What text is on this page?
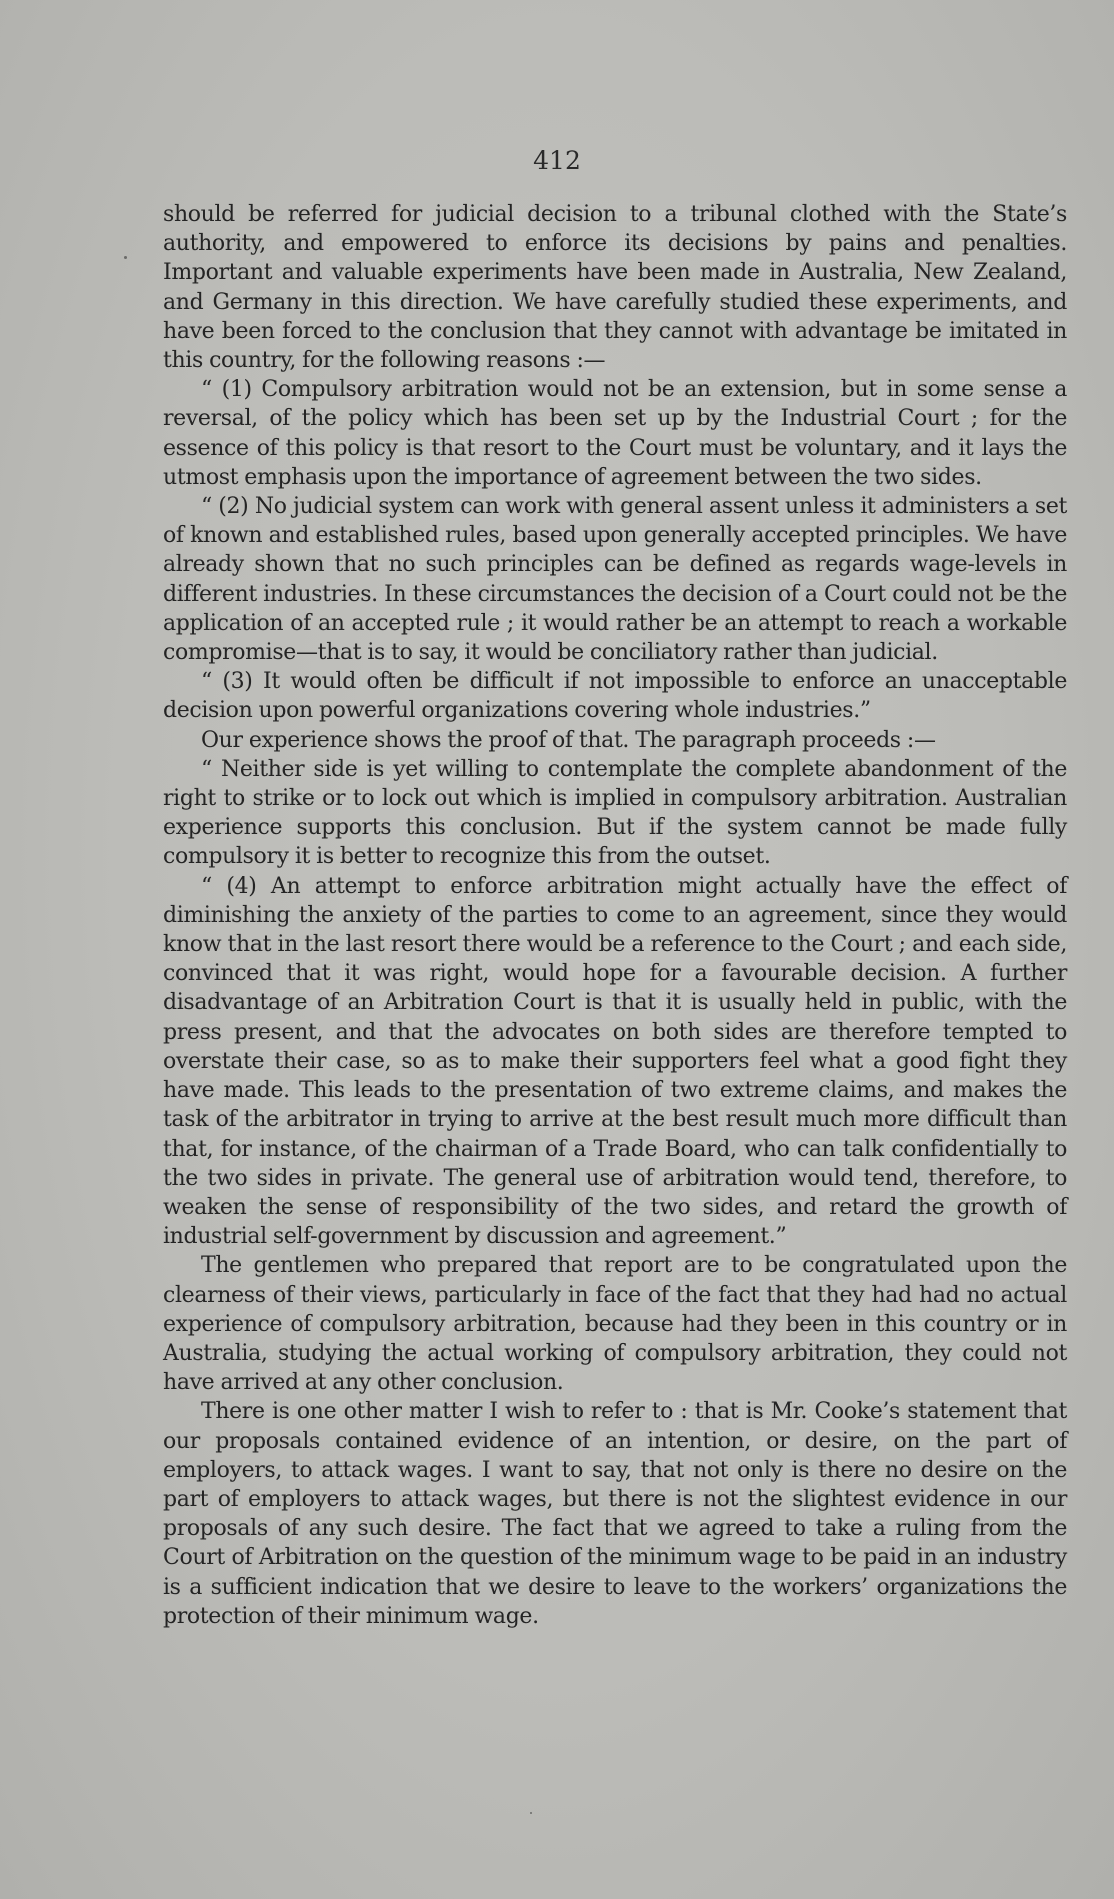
412

should be referred for judicial decision to a tribunal clothed with the State’s authority, and empowered to enforce its decisions by pains and penalties. Important and valuable experiments have been made in Australia, New Zealand, and Germany in this direction. We have carefully studied these experiments, and have been forced to the conclusion that they cannot with advantage be imitated in this country, for the following reasons :—

“ (1) Compulsory arbitration would not be an extension, but in some sense a reversal, of the policy which has been set up by the Industrial Court ; for the essence of this policy is that resort to the Court must be voluntary, and it lays the utmost emphasis upon the importance of agreement between the two sides.

“ (2) No judicial system can work with general assent unless it administers a set of known and established rules, based upon generally accepted principles. We have already shown that no such principles can be defined as regards wage-levels in different industries. In these circumstances the decision of a Court could not be the application of an accepted rule ; it would rather be an attempt to reach a workable compromise—that is to say, it would be conciliatory rather than judicial.

“ (3) It would often be difficult if not impossible to enforce an unacceptable decision upon powerful organizations covering whole industries.”

Our experience shows the proof of that. The paragraph proceeds :—

“ Neither side is yet willing to contemplate the complete abandonment of the right to strike or to lock out which is implied in compulsory arbitration. Australian experience supports this conclusion. But if the system cannot be made fully compulsory it is better to recognize this from the outset.

“ (4) An attempt to enforce arbitration might actually have the effect of diminishing the anxiety of the parties to come to an agreement, since they would know that in the last resort there would be a reference to the Court ; and each side, convinced that it was right, would hope for a favourable decision. A further disadvantage of an Arbitration Court is that it is usually held in public, with the press present, and that the advocates on both sides are therefore tempted to overstate their case, so as to make their supporters feel what a good fight they have made. This leads to the presentation of two extreme claims, and makes the task of the arbitrator in trying to arrive at the best result much more difficult than that, for instance, of the chairman of a Trade Board, who can talk confidentially to the two sides in private. The general use of arbitration would tend, therefore, to weaken the sense of responsibility of the two sides, and retard the growth of industrial self-government by discussion and agreement.”

The gentlemen who prepared that report are to be congratulated upon the clearness of their views, particularly in face of the fact that they had had no actual experience of compulsory arbitration, because had they been in this country or in Australia, studying the actual working of compulsory arbitration, they could not have arrived at any other conclusion.

There is one other matter I wish to refer to : that is Mr. Cooke’s statement that our proposals contained evidence of an intention, or desire, on the part of employers, to attack wages. I want to say, that not only is there no desire on the part of employers to attack wages, but there is not the slightest evidence in our proposals of any such desire. The fact that we agreed to take a ruling from the Court of Arbitration on the question of the minimum wage to be paid in an industry is a sufficient indication that we desire to leave to the workers’ organizations the protection of their minimum wage.
